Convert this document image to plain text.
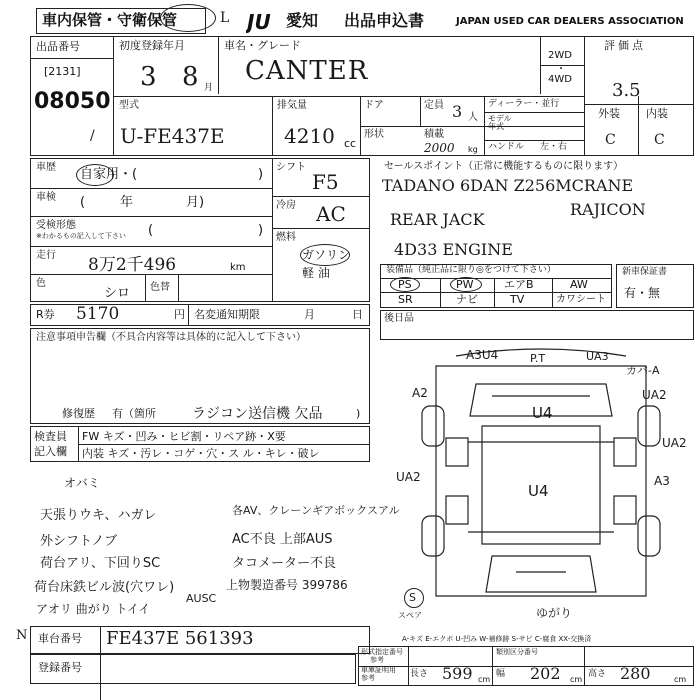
車内保管・守衛保管	L JU 愛知 出品申込書	JAPAN USED CAR DEALERS ASSOCIATION
出品番号
[2131]
08050
/
初度登録年月
3 8 月
車名・グレード
CANTER
2WD
・
4WD
評価点
3.5
外装 内装
C	C
型式
U-FE437E
排気量
4210 cc
ドア	定員 3 人
形状	積載
2000 kg
ディーラー・並行
モデル
年式
ハンドル 左・右
車歴 自家用・(	)
車検 (	年	月)
受検形態
※わかるもの記入して下さい (	)
走行 8万2千496	km
色
シロ 色替
シフト
F5
冷房 AC
燃料
ガソリン
軽 油
セールスポイント（正常に機能するものに限ります）
TADANO 6DAN Z256MCRANE
REAR JACK
RAJICON
4D33 ENGINE
装備品（純正品に限り◎をつけて下さい）
PS	PW	エアB	AW
SR	ナビ	TV	カワシート
新車保証書
有・無
R券 5170	円 名変通知期限	月	日 後日品
注意事項申告欄（不具合内容等は具体的に記入して下さい）
修復歴 有（箇所	ラジコン送信機 欠品	)
検査員
記入欄
FW キズ・凹み・ヒビ割・リペア跡・X要
内装 キズ・汚レ・コゲ・穴・ス ル・キレ・破レ
オバミ
天張りウキ、ハガレ	各AV、クレーンギアボックスアル
外シフトノブ	AC不良 上部AUS
荷台アリ、下回りSC	タコメーター不良
荷台床鉄ビル波(穴ワレ)	上物製造番号 399786
アオリ 曲がり トイイ
AUSC
A3U4	P.T	UA3
カバ-A
A2	UA2
U4
UA2
UA2	A3
U4
S
スペア	ゆがり
A-キズ E-エクボ U-凹み W-補修跡 S-サビ C-腐食 XX-交換済
N 車台番号 FE437E 561393
登録番号
形式指定番号
参考
類別区分番号
車庫証明用
参考	長さ 599 cm
幅 202 cm
高さ 280	cm
